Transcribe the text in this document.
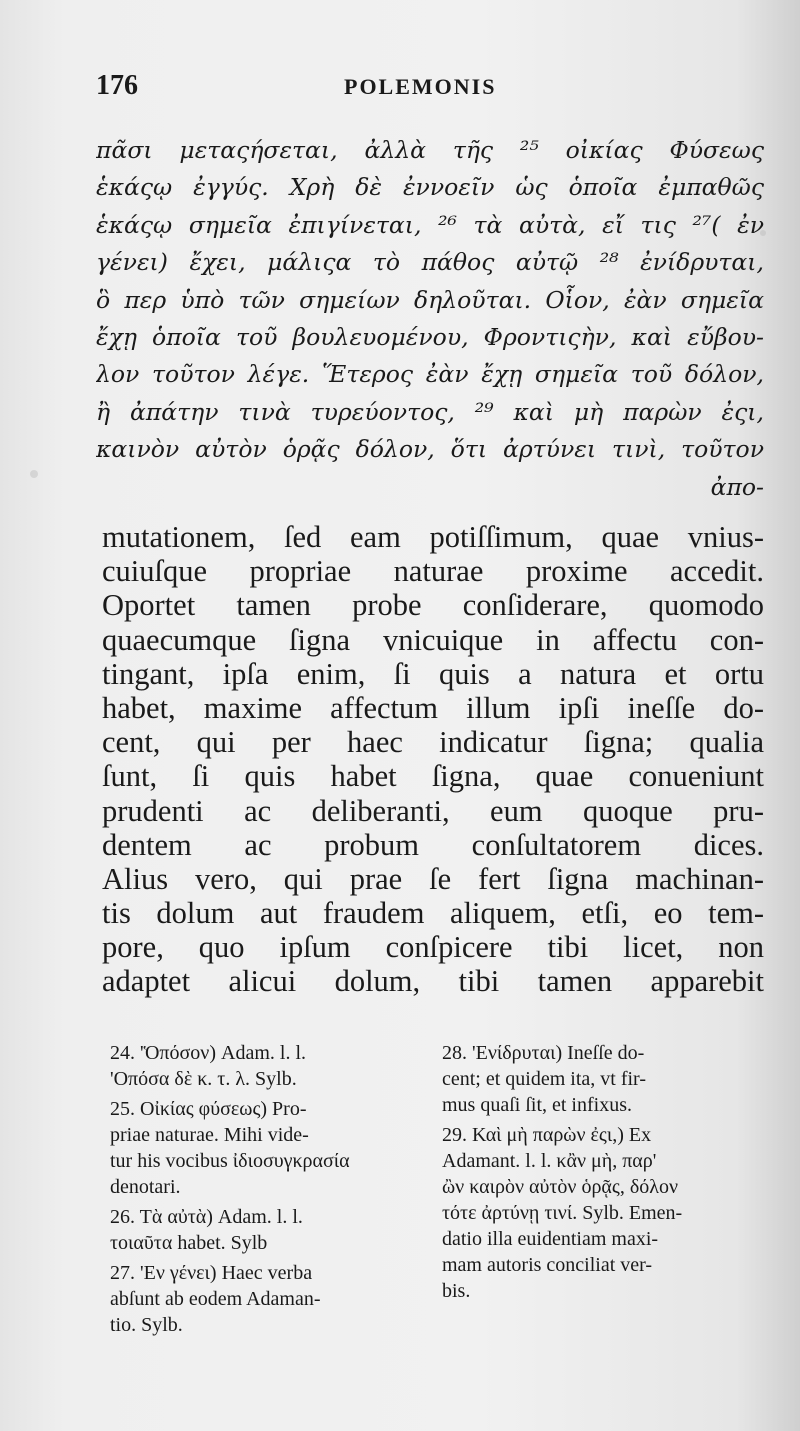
176	POLEMONIS
πᾶσι μεταςήσεται, ἀλλὰ τῆς ²⁵ οἰκίας Φύσεως
ἑκάςῳ ἐγγύς. Χρὴ δὲ ἐννοεῖν ὡς ὁποῖα ἐμπαθῶς
ἑκάςῳ σημεῖα ἐπιγίνεται, ²⁶ τὰ αὐτὰ, εἴ τις ²⁷( ἐν
γένει) ἔχει, μάλιςα τὸ πάθος αὐτῷ ²⁸ ἐνίδρυται,
ὃ περ ὑπὸ τῶν σημείων δηλοῦται. Οἷον, ἐὰν σημεῖα
ἔχῃ ὁποῖα τοῦ βουλευομένου, Φροντιςὴν, καὶ εὔβου-
λον τοῦτον λέγε. Ἕτερος ἐὰν ἔχῃ σημεῖα τοῦ δόλον,
ἢ ἀπάτην τινὰ τυρεύοντος, ²⁹ καὶ μὴ παρὼν ἐςι,
καινὸν αὐτὸν ὁρᾷς δόλον, ὅτι ἀρτύνει τινὶ, τοῦτον
ἀπο-
mutationem, ſed eam potiſſimum, quae vnius-
cuiuſque propriae naturae proxime accedit.
Oportet tamen probe conſiderare, quomodo
quaecumque ſigna vnicuique in affectu con-
tingant, ipſa enim, ſi quis a natura et ortu
habet, maxime affectum illum ipſi ineſſe do-
cent, qui per haec indicatur ſigna; qualia
ſunt, ſi quis habet ſigna, quae conueniunt
prudenti ac deliberanti, eum quoque pru-
dentem ac probum conſultatorem dices.
Alius vero, qui prae ſe fert ſigna machinan-
tis dolum aut fraudem aliquem, etſi, eo tem-
pore, quo ipſum conſpicere tibi licet, non
adaptet alicui dolum, tibi tamen apparebit
24. 'Ὁπόσον) Adam. l. l.
'Οπόσα δὲ κ. τ. λ. Sylb.
25. Οἰκίας φύσεως) Pro-
priae naturae. Mihi vide-
tur his vocibus ἰδιοσυγκρασία
denotari.
26. Τὰ αὐτὰ) Adam. l. l.
τοιαῦτα habet. Sylb
27. 'Εν γένει) Haec verba
abſunt ab eodem Adaman-
tio. Sylb.
28. 'Ενίδρυται) Ineſſe do-
cent; et quidem ita, vt fir-
mus quaſi ſit, et infixus.
29. Καὶ μὴ παρὼν ἐςι,) Ex
Adamant. l. l. κἂν μὴ, παρ'
ὢν καιρὸν αὐτὸν ὁρᾷς, δόλον
τότε ἀρτύνῃ τινί. Sylb. Emen-
datio illa euidentiam maxi-
mam autoris conciliat ver-
bis.
